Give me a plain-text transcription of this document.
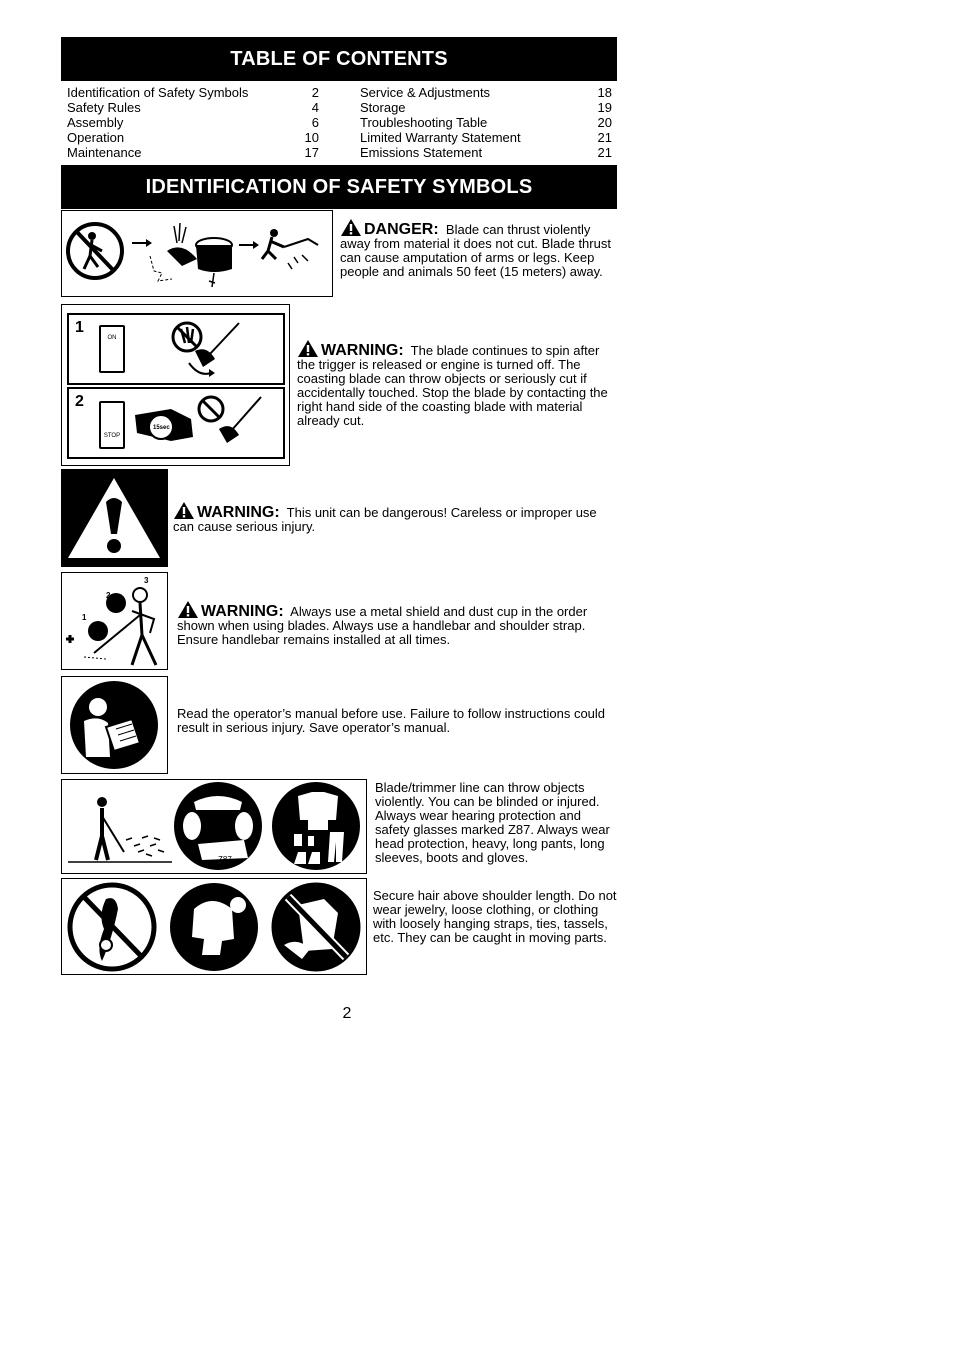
TABLE OF CONTENTS
Identification of Safety Symbols	2
Safety Rules	4
Assembly	6
Operation	10
Maintenance	17
Service & Adjustments	18
Storage	19
Troubleshooting Table	20
Limited Warranty Statement	21
Emissions Statement	21
IDENTIFICATION OF SAFETY SYMBOLS
DANGER: Blade can thrust violently away from material it does not cut. Blade thrust can cause amputation of arms or legs. Keep people and animals 50 feet (15 meters) away.
1
ON
2
STOP
15sec
WARNING: The blade continues to spin after the trigger is released or engine is turned off. The coasting blade can throw objects or seriously cut if accidentally touched. Stop the blade by contacting the right hand side of the coasting blade with material already cut.
WARNING: This unit can be dangerous! Careless or improper use can cause serious injury.
1
2
3
WARNING: Always use a metal shield and dust cup in the order shown when using blades. Always use a handlebar and shoulder strap. Ensure handlebar remains installed at all times.
Read the operator’s manual before use. Failure to follow instructions could result in serious injury. Save operator’s manual.
Z87
Blade/trimmer line can throw objects violently. You can be blinded or injured. Always wear hearing protection and safety glasses marked Z87. Always wear head protection, heavy, long pants, long sleeves, boots and gloves.
Secure hair above shoulder length. Do not wear jewelry, loose clothing, or clothing with loosely hanging straps, ties, tassels, etc. They can be caught in moving parts.
2
